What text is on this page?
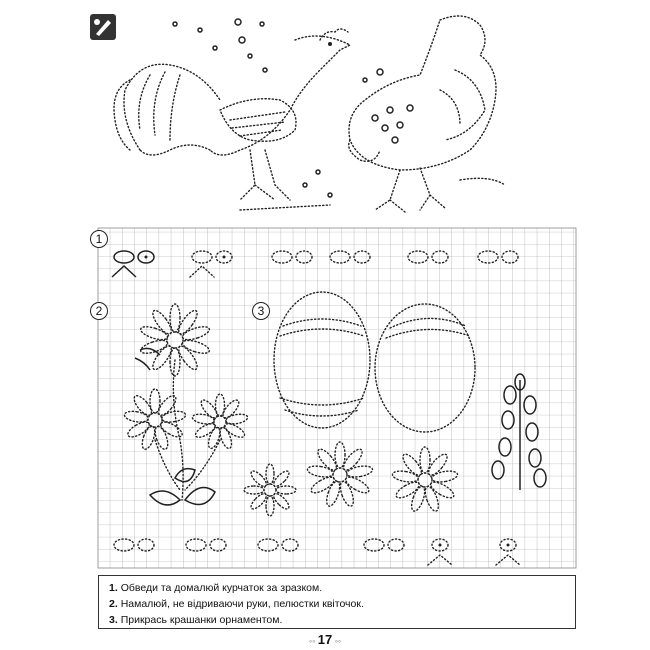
1
2	3
1. Обведи та домалюй курчаток за зразком.
2. Намалюй, не відриваючи руки, пелюстки квіточок.
3. Прикрась крашанки орнаментом.
◦◦ 17 ◦◦
